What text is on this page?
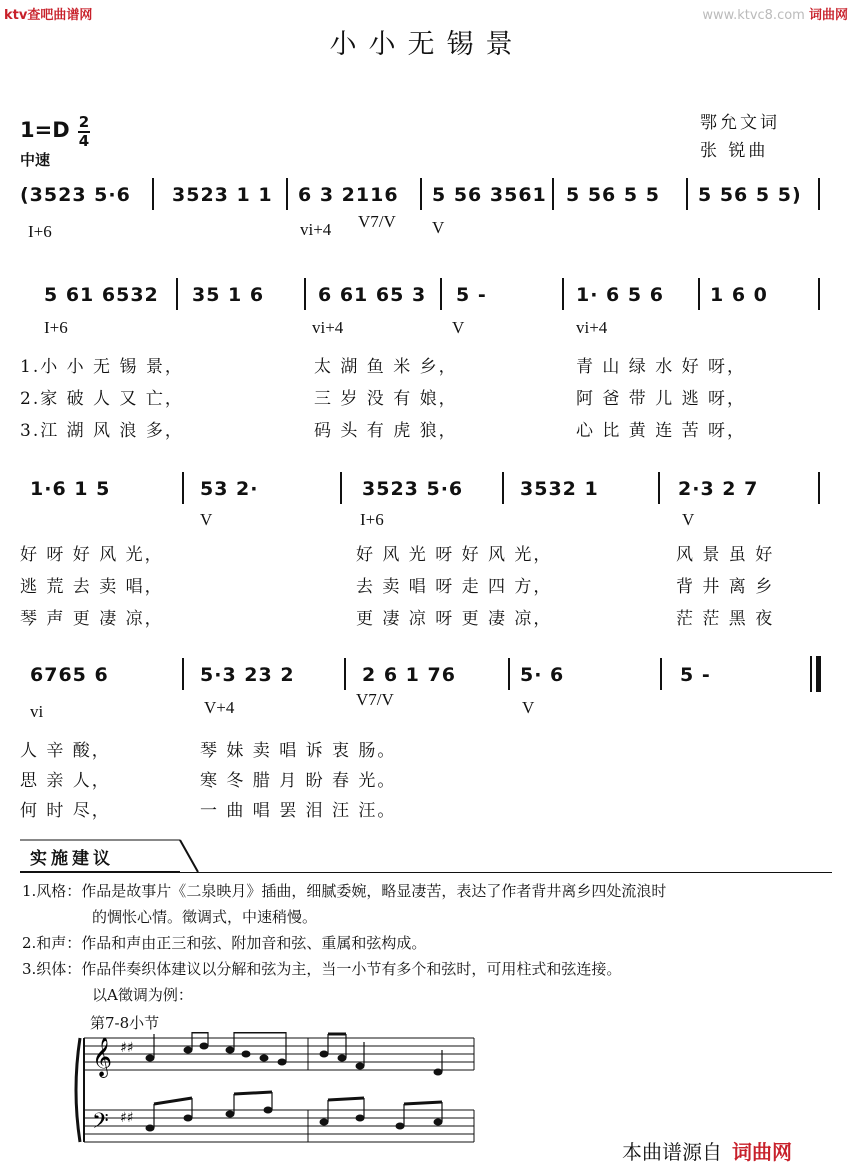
ktv查吧曲谱网	www.ktvc8.com 词曲网
小小无锡景
1=D 2
4
中速
鄂允文词
张 锐曲
(3523 5·6 3523 1 1 6 3 2116 5 56 3561 5 56 5 5 5 56 5 5)
I+6	vi+4 V7/V V
5 61 6532 35 1 6	6 61 65 3 5 -	1· 6 5 6 1 6 0
I+6	vi+4	V	vi+4
1.小 小 无 锡 景，	太 湖 鱼 米 乡，	青 山 绿 水 好 呀，
2.家 破 人 又 亡，	三 岁 没 有 娘，	阿 爸 带 儿 逃 呀，
3.江 湖 风 浪 多，	码 头 有 虎 狼，	心 比 黄 连 苦 呀，
1·6 1 5	53 2·	3523 5·6	3532 1	2·3 2 7
V	I+6	V
好 呀 好 风 光，	好 风 光 呀 好 风 光，	风 景 虽 好
逃 荒 去 卖 唱，	去 卖 唱 呀 走 四 方，	背 井 离 乡
琴 声 更 凄 凉，	更 凄 凉 呀 更 凄 凉，	茫 茫 黑 夜
6765 6	5·3 23 2	2 6 1 76	5· 6	5 -
vi	V+4	V7/V	V
人 辛 酸，	琴 妹 卖 唱 诉 衷 肠。
思 亲 人，	寒 冬 腊 月 盼 春 光。
何 时 尽，	一 曲 唱 罢 泪 汪 汪。
实施建议
1.风格：作品是故事片《二泉映月》插曲，细腻委婉，略显凄苦，表达了作者背井离乡四处流浪时
的惆怅心情。徵调式，中速稍慢。
2.和声：作品和声由正三和弦、附加音和弦、重属和弦构成。
3.织体：作品伴奏织体建议以分解和弦为主，当一小节有多个和弦时，可用柱式和弦连接。
以A徵调为例：
第7-8小节
𝄞
𝄢
♯♯
♯♯
本曲谱源自 词曲网
